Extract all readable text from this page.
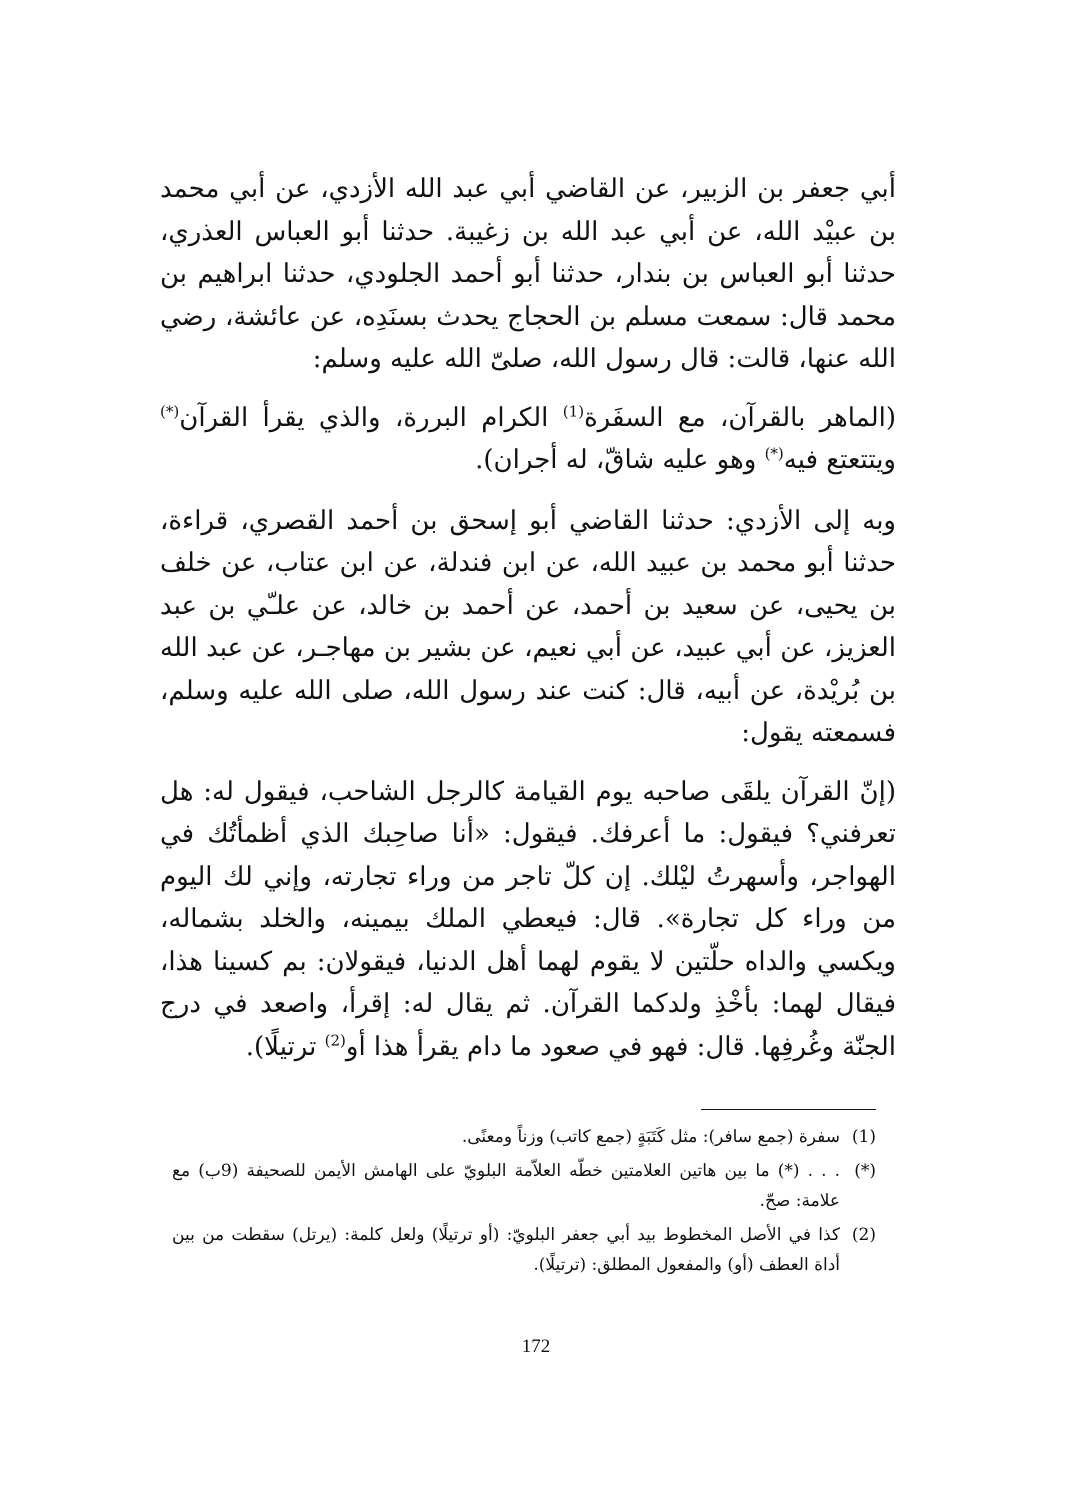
أبي جعفر بن الزبير، عن القاضي أبي عبد الله الأزدي، عن أبي محمد بن عبيْد الله، عن أبي عبد الله بن زغيبة. حدثنا أبو العباس العذري، حدثنا أبو العباس بن بندار، حدثنا أبو أحمد الجلودي، حدثنا ابراهيم بن محمد قال: سمعت مسلم بن الحجاج يحدث بسنَدِه، عن عائشة، رضي الله عنها، قالت: قال رسول الله، صلىّ الله عليه وسلم:

(الماهر بالقرآن، مع السفَرة$^{(1)}$ الكرام البررة، والذي يقرأ القرآن(*) ويتتعتع فيه(*) وهو عليه شاقّ، له أجران).

وبه إلى الأزدي: حدثنا القاضي أبو إسحق بن أحمد القصري، قراءة، حدثنا أبو محمد بن عبيد الله، عن ابن فندلة، عن ابن عتاب، عن خلف بن يحيى، عن سعيد بن أحمد، عن أحمد بن خالد، عن علـّي بن عبد العزيز، عن أبي عبيد، عن أبي نعيم، عن بشير بن مهاجـر، عن عبد الله بن بُريْدة، عن أبيه، قال: كنت عند رسول الله، صلى الله عليه وسلم، فسمعته يقول:

(إنّ القرآن يلقَى صاحبه يوم القيامة كالرجل الشاحب، فيقول له: هل تعرفني؟ فيقول: ما أعرفك. فيقول: «أنا صاحِبك الذي أظمأتُك في الهواجر، وأسهرتُ ليْلك. إن كلّ تاجر من وراء تجارته، وإني لك اليوم من وراء كل تجارة». قال: فيعطي الملك بيمينه، والخلد بشماله، ويكسي والداه حلّتين لا يقوم لهما أهل الدنيا، فيقولان: بم كسينا هذا، فيقال لهما: بأخْذِ ولدكما القرآن. ثم يقال له: إقرأ، واصعد في درج الجنّة وغُرفِها. قال: فهو في صعود ما دام يقرأ هذا أو$^{(2)}$ ترتيلًا).

(1)
سفرة (جمع سافر): مثل كَتَبَةٍ (جمع كاتب) وزناً ومعنًى.
(*)
. . . (*) ما بين هاتين العلامتين خطّه العلاّمة البلويّ على الهامش الأيمن للصحيفة (9ب) مع علامة: صحّ.
(2)
كذا في الأصل المخطوط بيد أبي جعفر البلويّ: (أو ترتيلًا) ولعل كلمة: (يرتل) سقطت من بين أداة العطف (أو) والمفعول المطلق: (ترتيلًا).
172
